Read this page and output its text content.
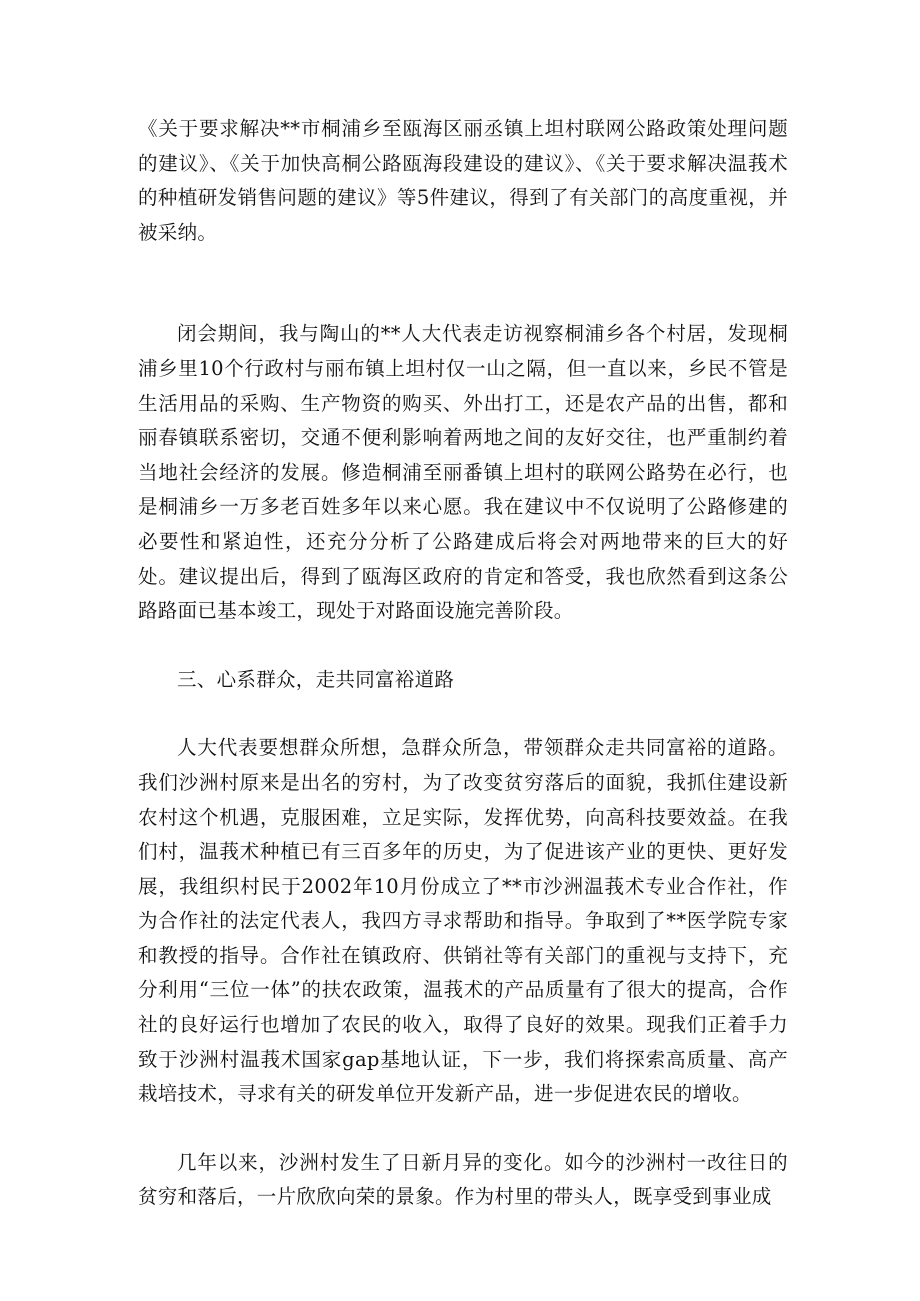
《关于要求解决**市桐浦乡至瓯海区丽丞镇上坦村联网公路政策处理问题的建议》、《关于加快高桐公路瓯海段建设的建议》、《关于要求解决温莪术的种植研发销售问题的建议》等5件建议，得到了有关部门的高度重视，并被采纳。

闭会期间，我与陶山的**人大代表走访视察桐浦乡各个村居，发现桐浦乡里10个行政村与丽布镇上坦村仅一山之隔，但一直以来，乡民不管是生活用品的采购、生产物资的购买、外出打工，还是农产品的出售，都和丽春镇联系密切，交通不便利影响着两地之间的友好交往，也严重制约着当地社会经济的发展。修造桐浦至丽番镇上坦村的联网公路势在必行，也是桐浦乡一万多老百姓多年以来心愿。我在建议中不仅说明了公路修建的必要性和紧迫性，还充分分析了公路建成后将会对两地带来的巨大的好处。建议提出后，得到了瓯海区政府的肯定和答受，我也欣然看到这条公路路面已基本竣工，现处于对路面设施完善阶段。

三、心系群众，走共同富裕道路

人大代表要想群众所想，急群众所急，带领群众走共同富裕的道路。我们沙洲村原来是出名的穷村，为了改变贫穷落后的面貌，我抓住建设新农村这个机遇，克服困难，立足实际，发挥优势，向高科技要效益。在我们村，温莪术种植已有三百多年的历史，为了促进该产业的更快、更好发展，我组织村民于2002年10月份成立了**市沙洲温莪术专业合作社，作为合作社的法定代表人，我四方寻求帮助和指导。争取到了**医学院专家和教授的指导。合作社在镇政府、供销社等有关部门的重视与支持下，充分利用“三位一体”的扶农政策，温莪术的产品质量有了很大的提高，合作社的良好运行也增加了农民的收入，取得了良好的效果。现我们正着手力致于沙洲村温莪术国家gap基地认证，下一步，我们将探索高质量、高产栽培技术，寻求有关的研发单位开发新产品，进一步促进农民的增收。

几年以来，沙洲村发生了日新月异的变化。如今的沙洲村一改往日的贫穷和落后，一片欣欣向荣的景象。作为村里的带头人，既享受到事业成
